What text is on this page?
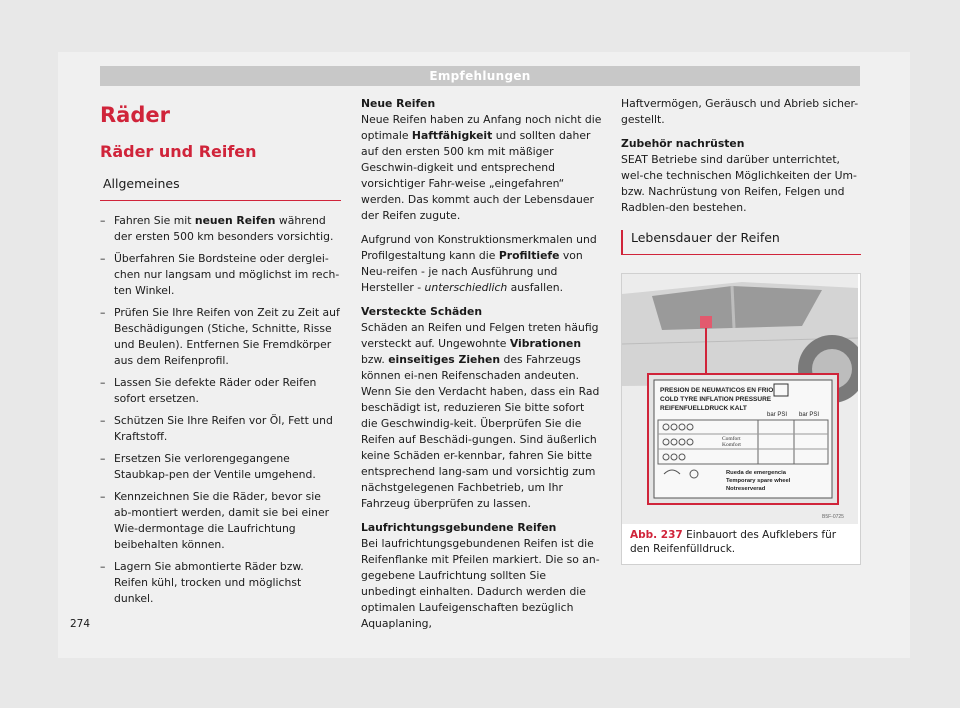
Empfehlungen
Räder
Räder und Reifen
Allgemeines
– Fahren Sie mit neuen Reifen während der ersten 500 km besonders vorsichtig.
– Überfahren Sie Bordsteine oder derglei-chen nur langsam und möglichst im rech-ten Winkel.
– Prüfen Sie Ihre Reifen von Zeit zu Zeit auf Beschädigungen (Stiche, Schnitte, Risse und Beulen). Entfernen Sie Fremdkörper aus dem Reifenprofil.
– Lassen Sie defekte Räder oder Reifen sofort ersetzen.
– Schützen Sie Ihre Reifen vor Öl, Fett und Kraftstoff.
– Ersetzen Sie verlorengegangene Staubkap-pen der Ventile umgehend.
– Kennzeichnen Sie die Räder, bevor sie ab-montiert werden, damit sie bei einer Wie-dermontage die Laufrichtung beibehalten können.
– Lagern Sie abmontierte Räder bzw. Reifen kühl, trocken und möglichst dunkel.

Neue Reifen
Neue Reifen haben zu Anfang noch nicht die optimale Haftfähigkeit und sollten daher auf den ersten 500 km mit mäßiger Geschwin-digkeit und entsprechend vorsichtiger Fahr-weise „eingefahren“ werden. Das kommt auch der Lebensdauer der Reifen zugute.

Aufgrund von Konstruktionsmerkmalen und Profilgestaltung kann die Profiltiefe von Neu-reifen - je nach Ausführung und Hersteller - unterschiedlich ausfallen.

Versteckte Schäden
Schäden an Reifen und Felgen treten häufig versteckt auf. Ungewohnte Vibrationen bzw. einseitiges Ziehen des Fahrzeugs können ei-nen Reifenschaden andeuten. Wenn Sie den Verdacht haben, dass ein Rad beschädigt ist, reduzieren Sie bitte sofort die Geschwindig-keit. Überprüfen Sie die Reifen auf Beschädi-gungen. Sind äußerlich keine Schäden er-kennbar, fahren Sie bitte entsprechend lang-sam und vorsichtig zum nächstgelegenen Fachbetrieb, um Ihr Fahrzeug überprüfen zu lassen.

Laufrichtungsgebundene Reifen
Bei laufrichtungsgebundenen Reifen ist die Reifenflanke mit Pfeilen markiert. Die so an-gegebene Laufrichtung sollten Sie unbedingt einhalten. Dadurch werden die optimalen Laufeigenschaften bezüglich Aquaplaning,

Haftvermögen, Geräusch und Abrieb sicher-gestellt.

Zubehör nachrüsten
SEAT Betriebe sind darüber unterrichtet, wel-che technischen Möglichkeiten der Um- bzw. Nachrüstung von Reifen, Felgen und Radblen-den bestehen.

Lebensdauer der Reifen
PRESION DE NEUMATICOS EN FRIO
COLD TYRE INFLATION PRESSURE
REIFENFUELLDRUCK KALT
bar PSI bar PSI
Comfort
Komfort
Rueda de emergencia
Temporary spare wheel
Notreserverad
B5F-0725
Abb. 237 Einbauort des Aufklebers für den Reifenfülldruck.
274
